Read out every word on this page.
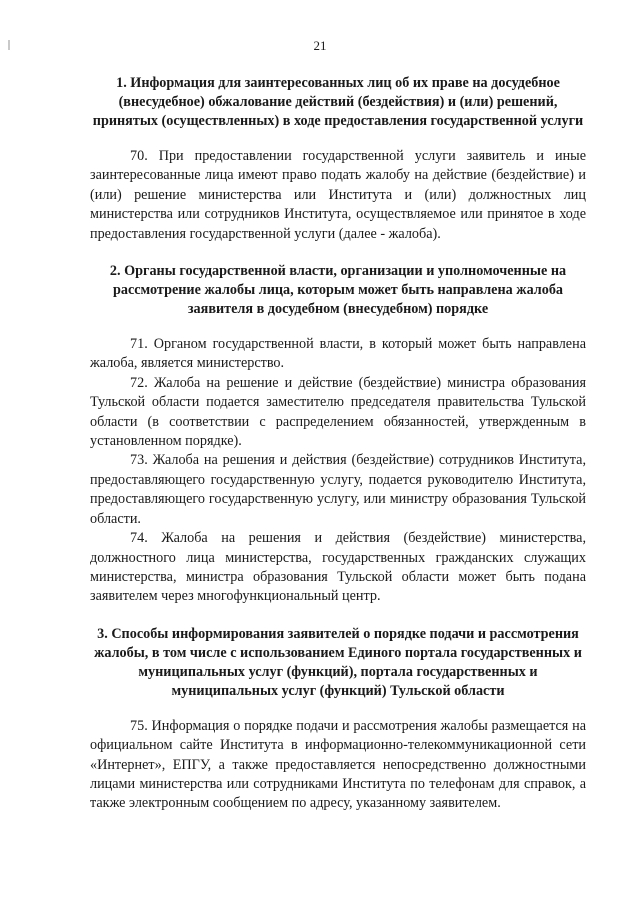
21
1. Информация для заинтересованных лиц об их праве на досудебное (внесудебное) обжалование действий (бездействия) и (или) решений, принятых (осуществленных) в ходе предоставления государственной услуги

70. При предоставлении государственной услуги заявитель и иные заинтересованные лица имеют право подать жалобу на действие (бездействие) и (или) решение министерства или Института и (или) должностных лиц министерства или сотрудников Института, осуществляемое или принятое в ходе предоставления государственной услуги (далее - жалоба).

2. Органы государственной власти, организации и уполномоченные на рассмотрение жалобы лица, которым может быть направлена жалоба заявителя в досудебном (внесудебном) порядке

71. Органом государственной власти, в который может быть направлена жалоба, является министерство.

72. Жалоба на решение и действие (бездействие) министра образования Тульской области подается заместителю председателя правительства Тульской области (в соответствии с распределением обязанностей, утвержденным в установленном порядке).

73. Жалоба на решения и действия (бездействие) сотрудников Института, предоставляющего государственную услугу, подается руководителю Института, предоставляющего государственную услугу, или министру образования Тульской области.

74. Жалоба на решения и действия (бездействие) министерства, должностного лица министерства, государственных гражданских служащих министерства, министра образования Тульской области может быть подана заявителем через многофункциональный центр.

3. Способы информирования заявителей о порядке подачи и рассмотрения жалобы, в том числе с использованием Единого портала государственных и муниципальных услуг (функций), портала государственных и муниципальных услуг (функций) Тульской области

75. Информация о порядке подачи и рассмотрения жалобы размещается на официальном сайте Института в информационно-телекоммуникационной сети «Интернет», ЕПГУ, а также предоставляется непосредственно должностными лицами министерства или сотрудниками Института по телефонам для справок, а также электронным сообщением по адресу, указанному заявителем.
